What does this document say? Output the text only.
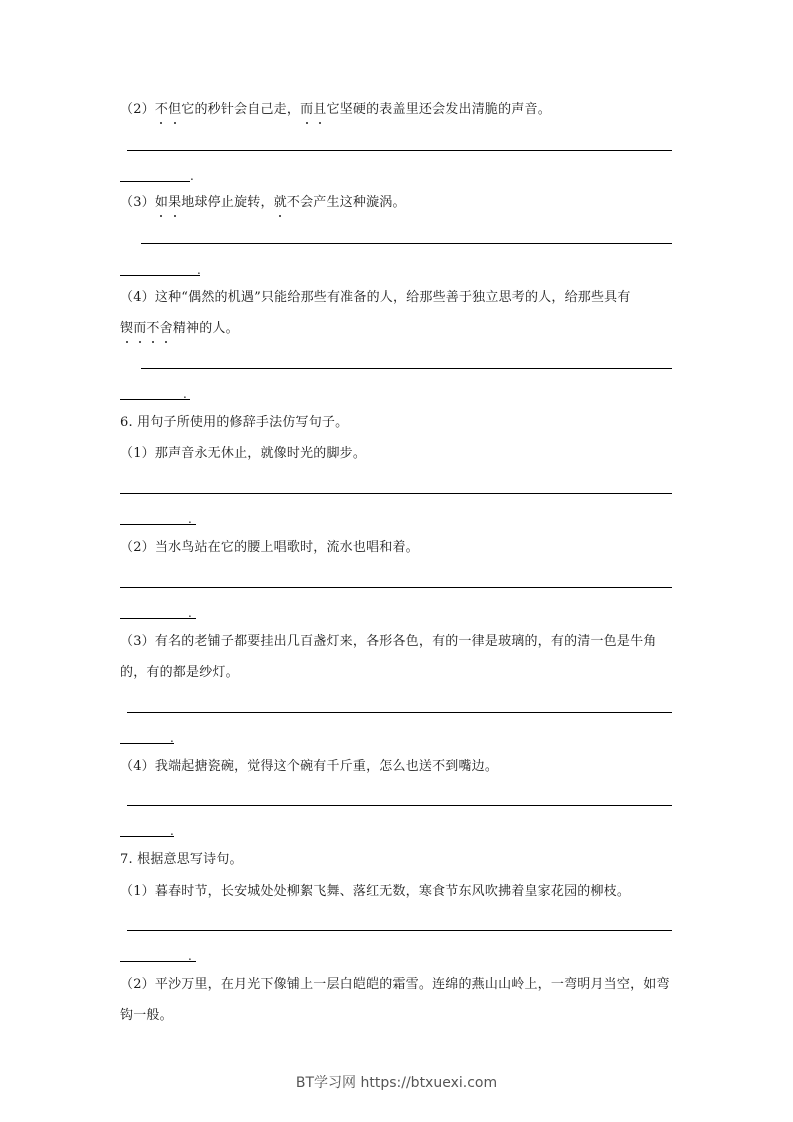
（2）不但它的秒针会自己走，而且它坚硬的表盖里还会发出清脆的声音。
.
（3）如果地球停止旋转，就不会产生这种漩涡。
.
（4）这种“偶然的机遇”只能给那些有准备的人，给那些善于独立思考的人，给那些具有
锲而不舍精神的人。
.
6. 用句子所使用的修辞手法仿写句子。
（1）那声音永无休止，就像时光的脚步。
.
（2）当水鸟站在它的腰上唱歌时，流水也唱和着。
.
（3）有名的老铺子都要挂出几百盏灯来，各形各色，有的一律是玻璃的，有的清一色是牛角的，有的都是纱灯。
.
（4）我端起搪瓷碗，觉得这个碗有千斤重，怎么也送不到嘴边。
.
7. 根据意思写诗句。
（1）暮春时节，长安城处处柳絮飞舞、落红无数，寒食节东风吹拂着皇家花园的柳枝。
.
（2）平沙万里，在月光下像铺上一层白皑皑的霜雪。连绵的燕山山岭上，一弯明月当空，如弯钩一般。
BT学习网 https://btxuexi.com
